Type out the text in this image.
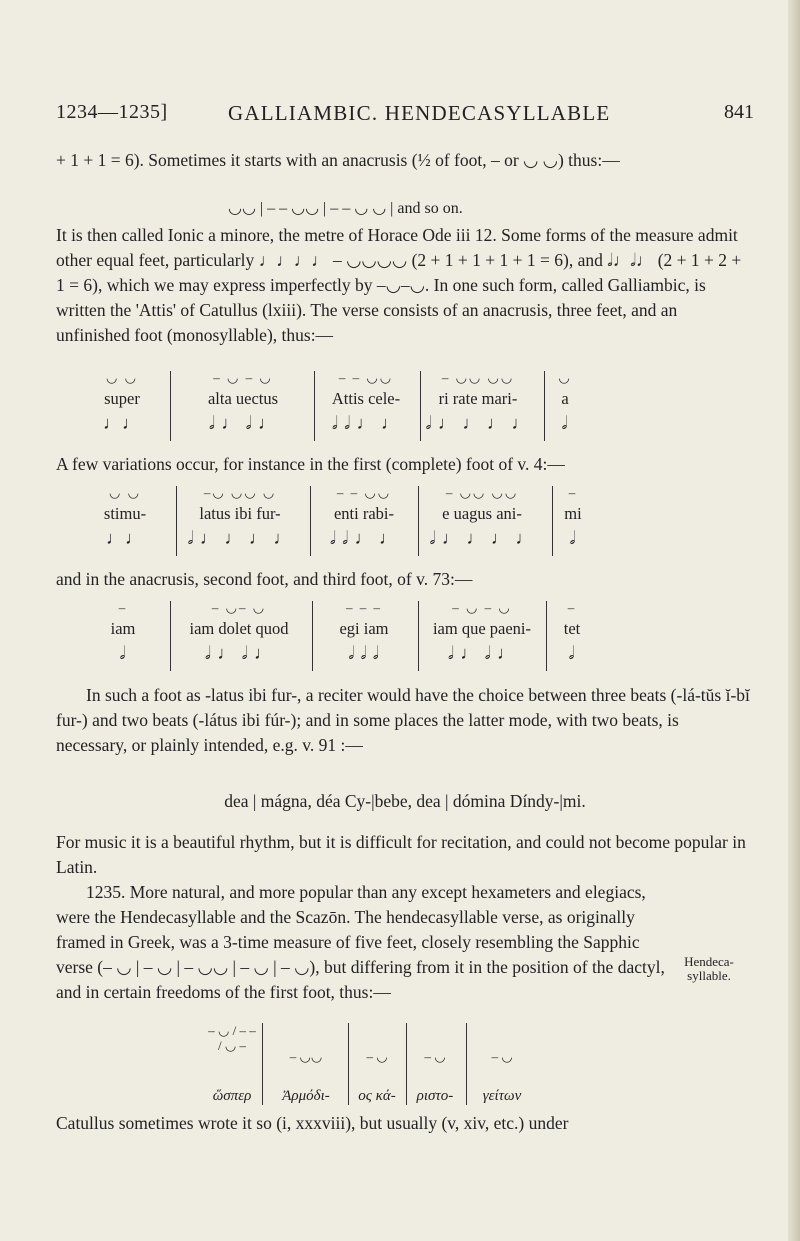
1234—1235]	GALLIAMBIC. HENDECASYLLABLE	841

+ 1 + 1 = 6). Sometimes it starts with an anacrusis (½ of foot, – or ◡ ◡) thus:—

◡◡ | – – ◡◡ | – – ◡ ◡ | and so on.

It is then called Ionic a minore, the metre of Horace Ode iii 12. Some forms of the measure admit other equal feet, particularly ♩♩♩♩ – ◡◡◡◡ (2 + 1 + 1 + 1 + 1 = 6), and 𝅗𝅥♩𝅗𝅥♩ (2 + 1 + 2 + 1 = 6), which we may express imperfectly by –◡–◡. In one such form, called Galliambic, is written the 'Attis' of Catullus (lxiii). The verse consists of an anacrusis, three feet, and an unfinished foot (monosyllable), thus:—

◡ ◡
super
♩♩
– ◡ – ◡
alta uectus
𝅗𝅥 ♩ 𝅗𝅥 ♩
– – ◡◡
Attis cele-
𝅗𝅥 𝅗𝅥 ♩ ♩
– ◡◡ ◡◡
ri rate mari-
𝅗𝅥 ♩ ♩ ♩ ♩
◡
a
𝅗𝅥

A few variations occur, for instance in the first (complete) foot of v. 4:—

◡ ◡
stimu-
♩♩
–◡ ◡◡ ◡
latus ibi fur-
𝅗𝅥 ♩ ♩ ♩ ♩
– – ◡◡
enti rabi-
𝅗𝅥 𝅗𝅥 ♩ ♩
– ◡◡ ◡◡
e uagus ani-
𝅗𝅥 ♩ ♩ ♩ ♩
–
mi
𝅗𝅥

and in the anacrusis, second foot, and third foot, of v. 73:—

–
iam
𝅗𝅥
– ◡– ◡
iam dolet quod
𝅗𝅥 ♩ 𝅗𝅥 ♩
– – –
egi iam
𝅗𝅥 𝅗𝅥 𝅗𝅥
– ◡ – ◡
iam que paeni-
𝅗𝅥 ♩ 𝅗𝅥 ♩
–
tet
𝅗𝅥

In such a foot as -latus ibi fur-, a reciter would have the choice between three beats (-lá-tŭs ĭ-bĭ fur-) and two beats (-látus ibi fúr-); and in some places the latter mode, with two beats, is necessary, or plainly intended, e.g. v. 91 :—

dea | mágna, déa Cy-|bebe, dea | dómina Díndy-|mi.

For music it is a beautiful rhythm, but it is difficult for recitation, and could not become popular in Latin.

1235. More natural, and more popular than any except hexameters and elegiacs, were the Hendecasyllable and the Scazōn. The hendecasyllable verse, as originally framed in Greek, was a 3-time measure of five feet, closely resembling the Sapphic verse (– ◡ | – ◡ | – ◡◡ | – ◡ | – ◡), but differing from it in the position of the dactyl, and in certain freedoms of the first foot, thus:—

Hendeca-syllable.
– ◡ / – – / ◡ –
ὥσπερ
– ◡◡
Ἀρμόδι-
– ◡
ος κά-
– ◡
ριστο-
– ◡
γείτων

Catullus sometimes wrote it so (i, xxxviii), but usually (v, xiv, etc.) under
